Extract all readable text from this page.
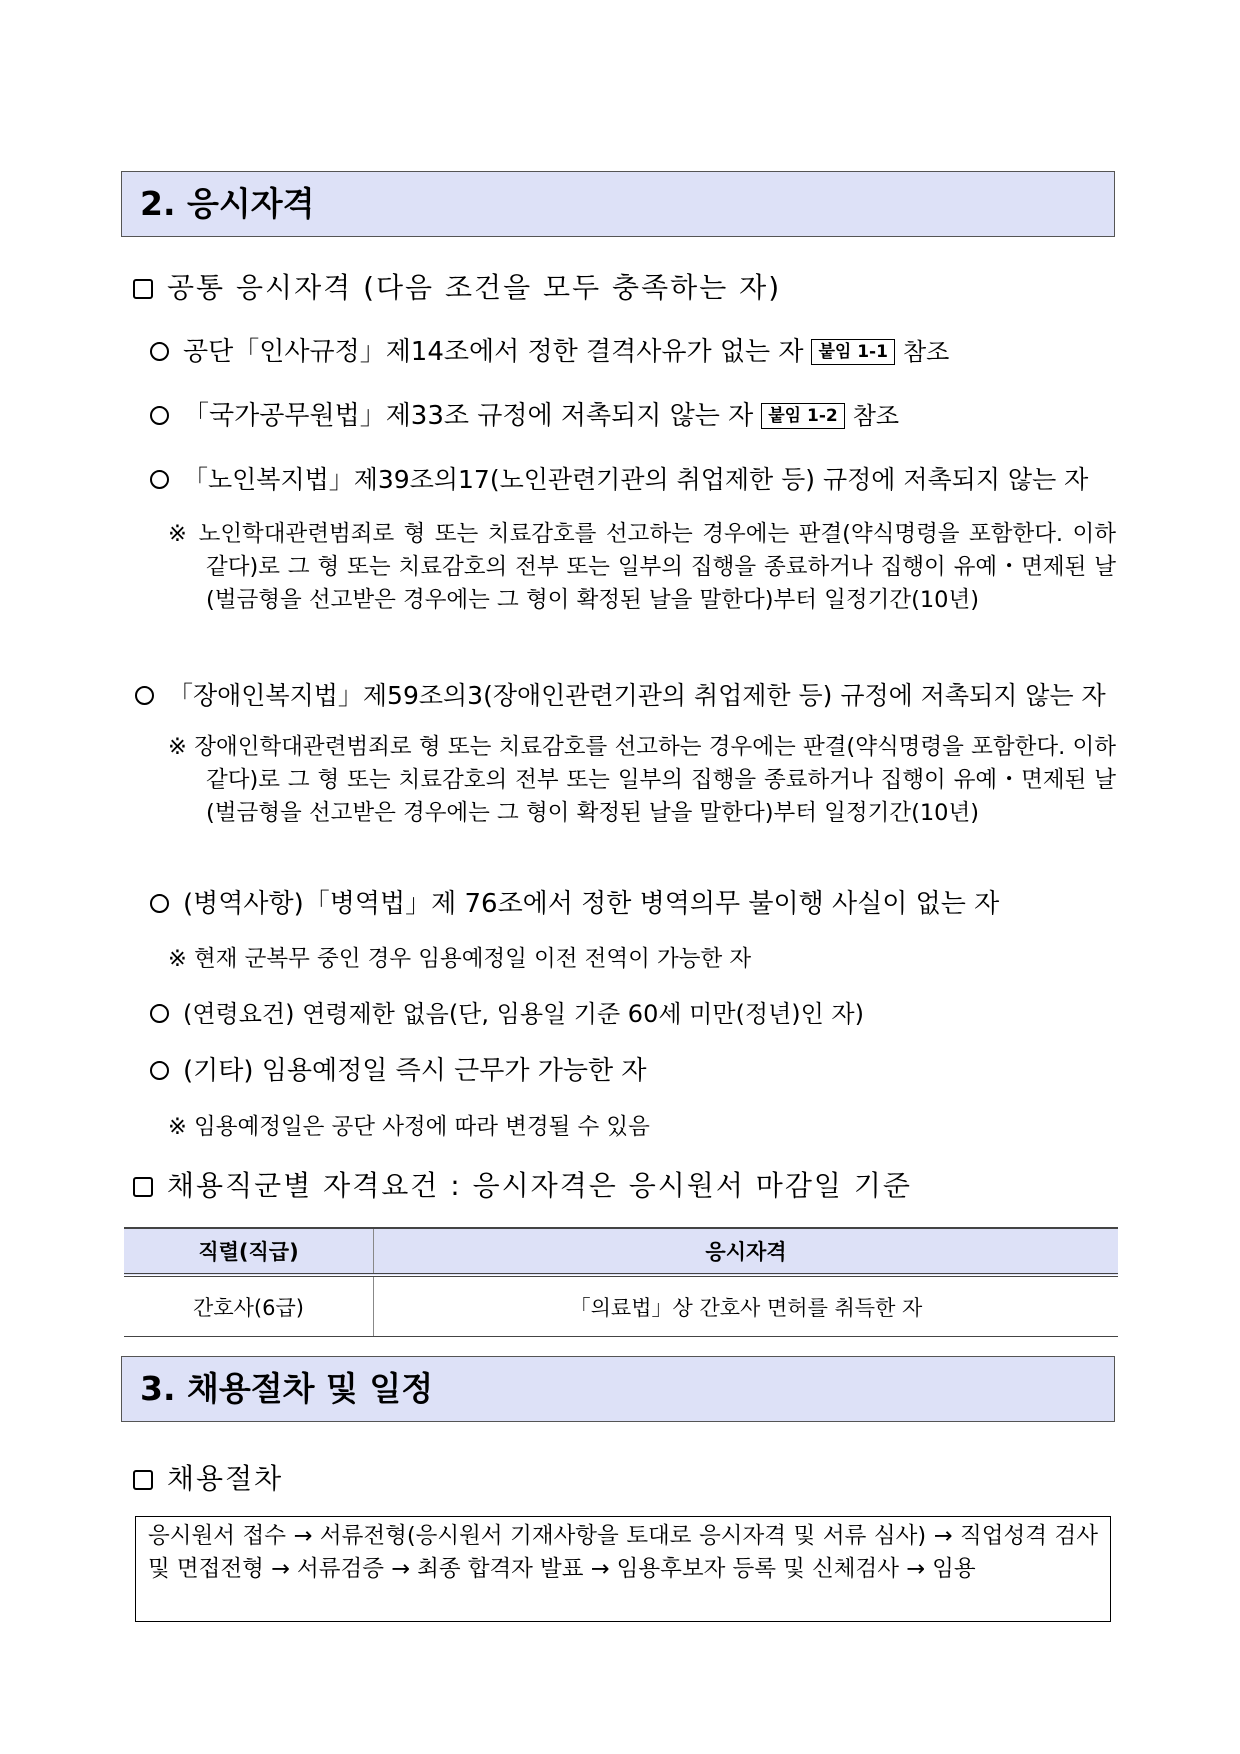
2. 응시자격
공통 응시자격 (다음 조건을 모두 충족하는 자)
공단「인사규정」제14조에서 정한 결격사유가 없는 자 붙임 1-1 참조
「국가공무원법」제33조 규정에 저촉되지 않는 자 붙임 1-2 참조
「노인복지법」제39조의17(노인관련기관의 취업제한 등) 규정에 저촉되지 않는 자
※ 노인학대관련범죄로 형 또는 치료감호를 선고하는 경우에는 판결(약식명령을 포함한다. 이하 같다)로 그 형 또는 치료감호의 전부 또는 일부의 집행을 종료하거나 집행이 유예・면제된 날(벌금형을 선고받은 경우에는 그 형이 확정된 날을 말한다)부터 일정기간(10년)
「장애인복지법」제59조의3(장애인관련기관의 취업제한 등) 규정에 저촉되지 않는 자
※ 장애인학대관련범죄로 형 또는 치료감호를 선고하는 경우에는 판결(약식명령을 포함한다. 이하 같다)로 그 형 또는 치료감호의 전부 또는 일부의 집행을 종료하거나 집행이 유예・면제된 날(벌금형을 선고받은 경우에는 그 형이 확정된 날을 말한다)부터 일정기간(10년)
(병역사항)「병역법」제 76조에서 정한 병역의무 불이행 사실이 없는 자
※ 현재 군복무 중인 경우 임용예정일 이전 전역이 가능한 자
(연령요건) 연령제한 없음(단, 임용일 기준 60세 미만(정년)인 자)
(기타) 임용예정일 즉시 근무가 가능한 자
※ 임용예정일은 공단 사정에 따라 변경될 수 있음
채용직군별 자격요건 : 응시자격은 응시원서 마감일 기준
직렬(직급)	응시자격
간호사(6급)	「의료법」상 간호사 면허를 취득한 자
3. 채용절차 및 일정
채용절차
응시원서 접수 → 서류전형(응시원서 기재사항을 토대로 응시자격 및 서류 심사) → 직업성격 검사 및 면접전형 → 서류검증 → 최종 합격자 발표 → 임용후보자 등록 및 신체검사 → 임용
